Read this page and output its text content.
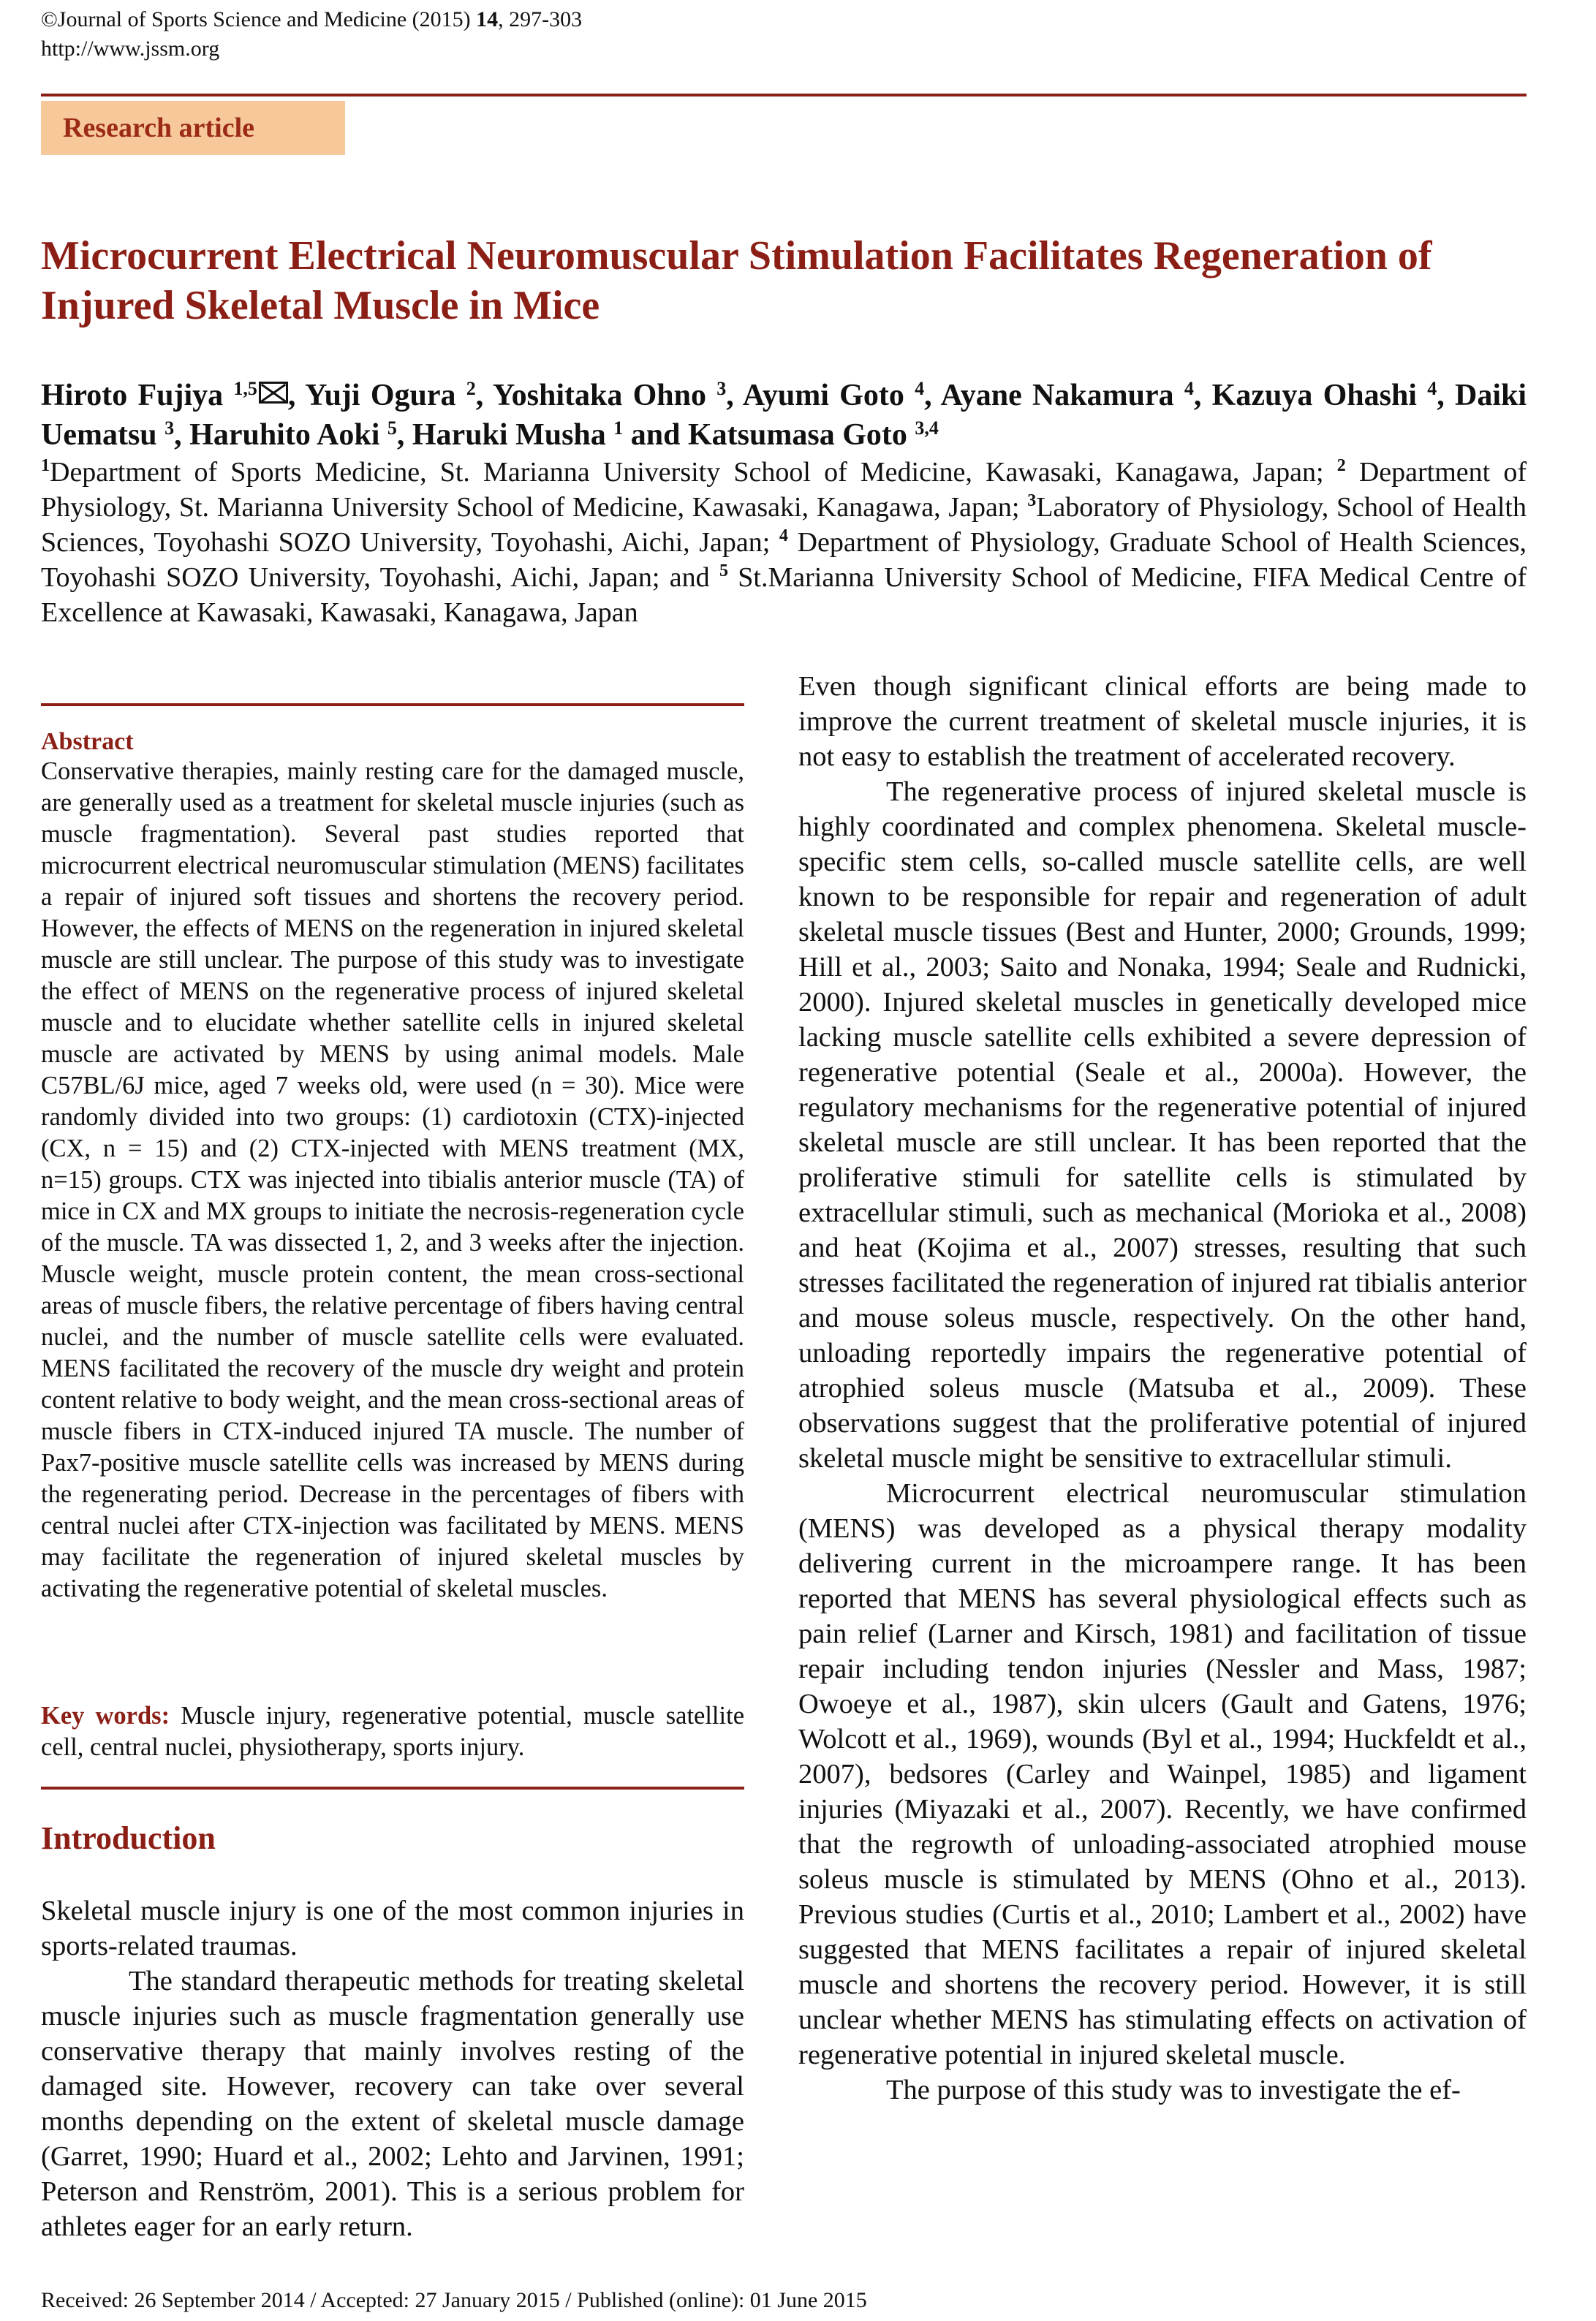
©Journal of Sports Science and Medicine (2015) 14, 297-303
http://www.jssm.org
Research article
Microcurrent Electrical Neuromuscular Stimulation Facilitates Regeneration of Injured Skeletal Muscle in Mice
Hiroto Fujiya $^{1,5}$ , Yuji Ogura $^2$, Yoshitaka Ohno $^3$, Ayumi Goto $^4$, Ayane Nakamura $^4$, Kazuya Ohashi $^4$, Daiki Uematsu $^3$, Haruhito Aoki $^5$, Haruki Musha $^1$ and Katsumasa Goto $^{3,4}$
$^1$Department of Sports Medicine, St. Marianna University School of Medicine, Kawasaki, Kanagawa, Japan; $^2$ Department of Physiology, St. Marianna University School of Medicine, Kawasaki, Kanagawa, Japan; $^3$Laboratory of Physiology, School of Health Sciences, Toyohashi SOZO University, Toyohashi, Aichi, Japan; $^4$ Department of Physiology, Graduate School of Health Sciences, Toyohashi SOZO University, Toyohashi, Aichi, Japan; and $^5$ St.Marianna University School of Medicine, FIFA Medical Centre of Excellence at Kawasaki, Kawasaki, Kanagawa, Japan
Abstract
Conservative therapies, mainly resting care for the damaged muscle, are generally used as a treatment for skeletal muscle injuries (such as muscle fragmentation). Several past studies reported that microcurrent electrical neuromuscular stimulation (MENS) facilitates a repair of injured soft tissues and shortens the recovery period. However, the effects of MENS on the regeneration in injured skeletal muscle are still unclear. The purpose of this study was to investigate the effect of MENS on the regenerative process of injured skeletal muscle and to elucidate whether satellite cells in injured skeletal muscle are activated by MENS by using animal models. Male C57BL/6J mice, aged 7 weeks old, were used (n = 30). Mice were randomly divided into two groups: (1) cardiotoxin (CTX)-injected (CX, n = 15) and (2) CTX-injected with MENS treatment (MX, n=15) groups. CTX was injected into tibialis anterior muscle (TA) of mice in CX and MX groups to initiate the necrosis-regeneration cycle of the muscle. TA was dissected 1, 2, and 3 weeks after the injection. Muscle weight, muscle protein content, the mean cross-sectional areas of muscle fibers, the relative percentage of fibers having central nuclei, and the number of muscle satellite cells were evaluated. MENS facilitated the recovery of the muscle dry weight and protein content relative to body weight, and the mean cross-sectional areas of muscle fibers in CTX-induced injured TA muscle. The number of Pax7-positive muscle satellite cells was increased by MENS during the regenerating period. Decrease in the percentages of fibers with central nuclei after CTX-injection was facilitated by MENS. MENS may facilitate the regeneration of injured skeletal muscles by activating the regenerative potential of skeletal muscles.
Key words: Muscle injury, regenerative potential, muscle satellite cell, central nuclei, physiotherapy, sports injury.
Introduction

Skeletal muscle injury is one of the most common injuries in sports-related traumas.

The standard therapeutic methods for treating skeletal muscle injuries such as muscle fragmentation generally use conservative therapy that mainly involves resting of the damaged site. However, recovery can take over several months depending on the extent of skeletal muscle damage (Garret, 1990; Huard et al., 2002; Lehto and Jarvinen, 1991; Peterson and Renström, 2001). This is a serious problem for athletes eager for an early return.

Even though significant clinical efforts are being made to improve the current treatment of skeletal muscle injuries, it is not easy to establish the treatment of accelerated recovery.

The regenerative process of injured skeletal muscle is highly coordinated and complex phenomena. Skeletal muscle-specific stem cells, so-called muscle satellite cells, are well known to be responsible for repair and regeneration of adult skeletal muscle tissues (Best and Hunter, 2000; Grounds, 1999; Hill et al., 2003; Saito and Nonaka, 1994; Seale and Rudnicki, 2000). Injured skeletal muscles in genetically developed mice lacking muscle satellite cells exhibited a severe depression of regenerative potential (Seale et al., 2000a). However, the regulatory mechanisms for the regenerative potential of injured skeletal muscle are still unclear. It has been reported that the proliferative stimuli for satellite cells is stimulated by extracellular stimuli, such as mechanical (Morioka et al., 2008) and heat (Kojima et al., 2007) stresses, resulting that such stresses facilitated the regeneration of injured rat tibialis anterior and mouse soleus muscle, respectively. On the other hand, unloading reportedly impairs the regenerative potential of atrophied soleus muscle (Matsuba et al., 2009). These observations suggest that the proliferative potential of injured skeletal muscle might be sensitive to extracellular stimuli.

Microcurrent electrical neuromuscular stimulation (MENS) was developed as a physical therapy modality delivering current in the microampere range. It has been reported that MENS has several physiological effects such as pain relief (Larner and Kirsch, 1981) and facilitation of tissue repair including tendon injuries (Nessler and Mass, 1987; Owoeye et al., 1987), skin ulcers (Gault and Gatens, 1976; Wolcott et al., 1969), wounds (Byl et al., 1994; Huckfeldt et al., 2007), bedsores (Carley and Wainpel, 1985) and ligament injuries (Miyazaki et al., 2007). Recently, we have confirmed that the regrowth of unloading-associated atrophied mouse soleus muscle is stimulated by MENS (Ohno et al., 2013). Previous studies (Curtis et al., 2010; Lambert et al., 2002) have suggested that MENS facilitates a repair of injured skeletal muscle and shortens the recovery period. However, it is still unclear whether MENS has stimulating effects on activation of regenerative potential in injured skeletal muscle.

The purpose of this study was to investigate the ef-

Received: 26 September 2014 / Accepted: 27 January 2015 / Published (online): 01 June 2015
